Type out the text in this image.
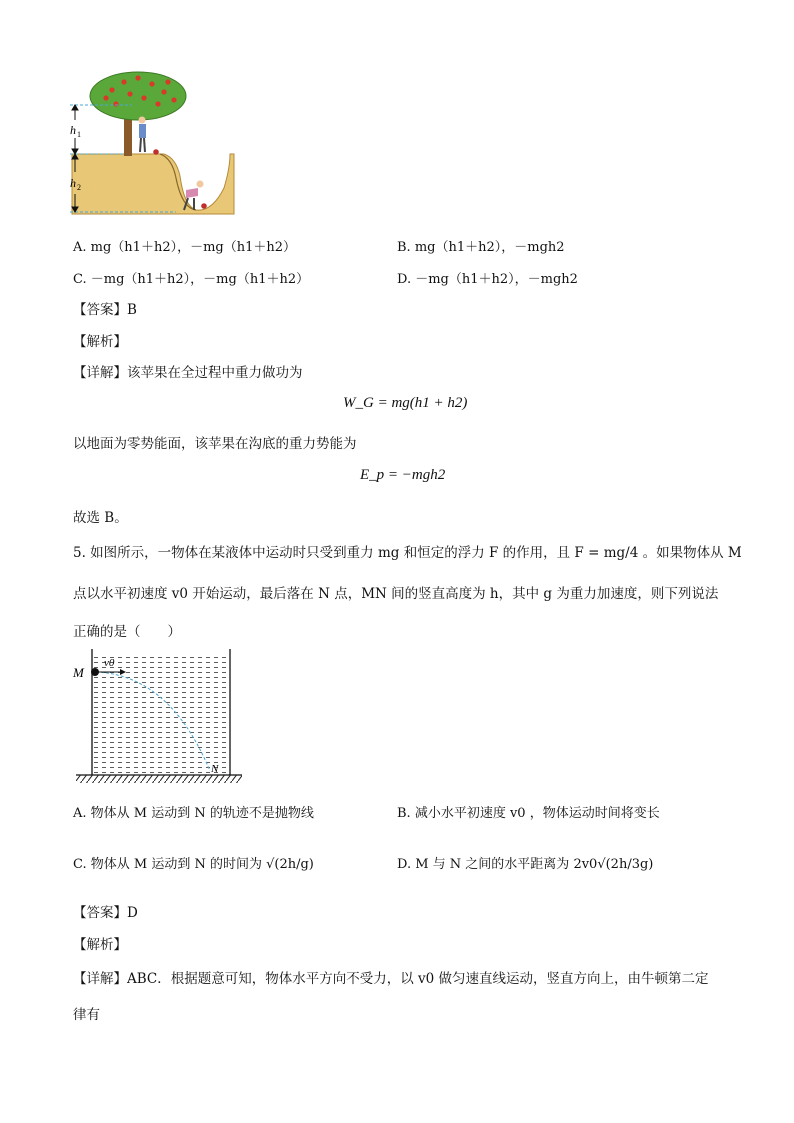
h 1
h 2
A. mg（h1＋h2），－mg（h1＋h2）	B. mg（h1＋h2），－mgh2
C. －mg（h1＋h2），－mg（h1＋h2）	D. －mg（h1＋h2），－mgh2
【答案】B
【解析】
【详解】该苹果在全过程中重力做功为
W_G = mg(h1 + h2)
以地面为零势能面，该苹果在沟底的重力势能为
E_p = −mgh2
故选 B。
5. 如图所示，一物体在某液体中运动时只受到重力 mg 和恒定的浮力 F 的作用，且 F = mg/4 。如果物体从 M
点以水平初速度 v0 开始运动，最后落在 N 点，MN 间的竖直高度为 h，其中 g 为重力加速度，则下列说法
正确的是（　　）
M
v0
N
A. 物体从 M 运动到 N 的轨迹不是抛物线	B. 减小水平初速度 v0 ，物体运动时间将变长
C. 物体从 M 运动到 N 的时间为 √(2h/g)	D. M 与 N 之间的水平距离为 2v0√(2h/3g)
【答案】D
【解析】
【详解】ABC．根据题意可知，物体水平方向不受力，以 v0 做匀速直线运动，竖直方向上，由牛顿第二定
律有
